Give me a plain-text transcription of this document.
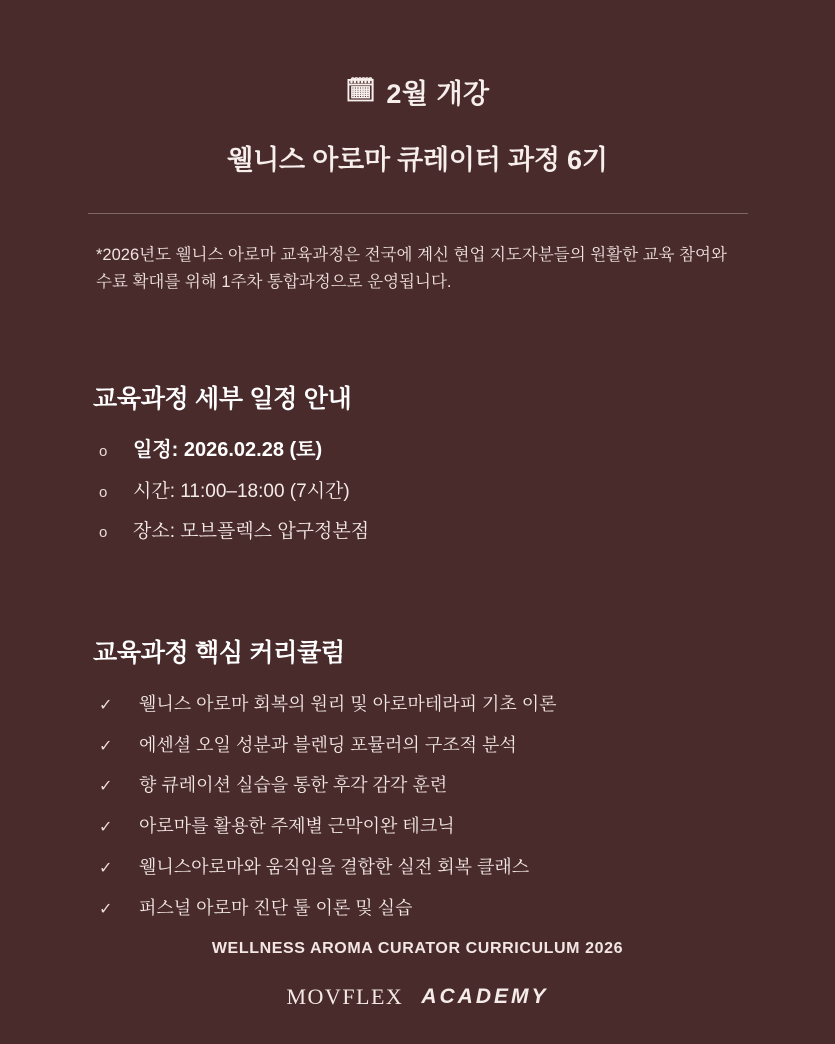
🗓 2월 개강
웰니스 아로마 큐레이터 과정 6기

*2026년도 웰니스 아로마 교육과정은 전국에 계신 현업 지도자분들의 원활한 교육 참여와 수료 확대를 위해 1주차 통합과정으로 운영됩니다.

교육과정 세부 일정 안내
o	일정: 2026.02.28 (토)
o	시간: 11:00–18:00 (7시간)
o	장소: 모브플렉스 압구정본점
교육과정 핵심 커리큘럼
✓	웰니스 아로마 회복의 원리 및 아로마테라피 기초 이론
✓	에센셜 오일 성분과 블렌딩 포뮬러의 구조적 분석
✓	향 큐레이션 실습을 통한 후각 감각 훈련
✓	아로마를 활용한 주제별 근막이완 테크닉
✓	웰니스아로마와 움직임을 결합한 실전 회복 클래스
✓	퍼스널 아로마 진단 툴 이론 및 실습
WELLNESS AROMA CURATOR CURRICULUM 2026
MOVFLEX ACADEMY
